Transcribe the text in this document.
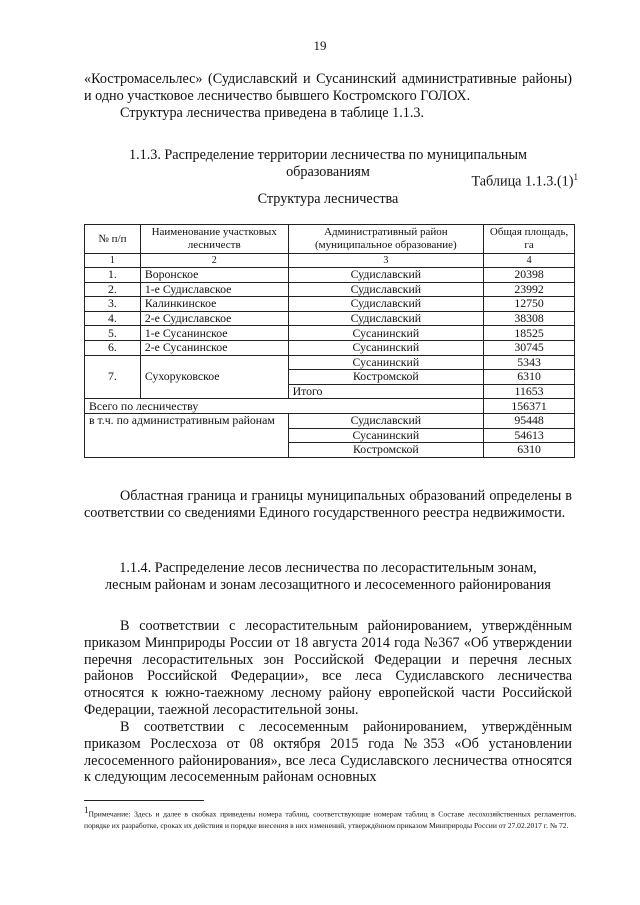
19
«Костромасельлес» (Судиславский и Сусанинский административные районы) и одно участковое лесничество бывшего Костромского ГОЛОХ.
Структура лесничества приведена в таблице 1.1.3.
1.1.3. Распределение территории лесничества по муниципальным
образованиям
Таблица $1.1.3.(1)^1$
Структура лесничества
№ п/п	Наименование участковых лесничеств	Административный район (муниципальное образование)	Общая площадь, га
1	2	3	4
1.	Воронское	Судиславский	20398
2.	1-е Судиславское	Судиславский	23992
3.	Калинкинское	Судиславский	12750
4.	2-е Судиславское	Судиславский	38308
5.	1-е Сусанинское	Сусанинский	18525
6.	2-е Сусанинское	Сусанинский	30745
7.	Сухоруковское	Сусанинский	5343
		Костромской	6310
		Итого	11653
Всего по лесничеству			156371
в т.ч. по административным районам		Судиславский	95448
		Сусанинский	54613
		Костромской	6310
Областная граница и границы муниципальных образований определены в соответствии со сведениями Единого государственного реестра недвижимости.
1.1.4. Распределение лесов лесничества по лесорастительным зонам,
лесным районам и зонам лесозащитного и лесосеменного районирования
В соответствии с лесорастительным районированием, утверждённым приказом Минприроды России от 18 августа 2014 года №367 «Об утверждении перечня лесорастительных зон Российской Федерации и перечня лесных районов Российской Федерации», все леса Судиславского лесничества относятся к южно-таежному лесному району европейской части Российской Федерации, таежной лесорастительной зоны.
В соответствии с лесосеменным районированием, утверждённым приказом Рослесхоза от 08 октября 2015 года №353 «Об установлении лесосеменного районирования», все леса Судиславского лесничества относятся к следующим лесосеменным районам основных
$^1$Примечание: Здесь и далее в скобках приведены номера таблиц, соответствующие номерам таблиц в Составе лесохозяйственных регламентов, порядке их разработке, сроках их действия и порядке внесения в них изменений, утверждённом приказом Минприроды России от 27.02.2017 г. № 72.
